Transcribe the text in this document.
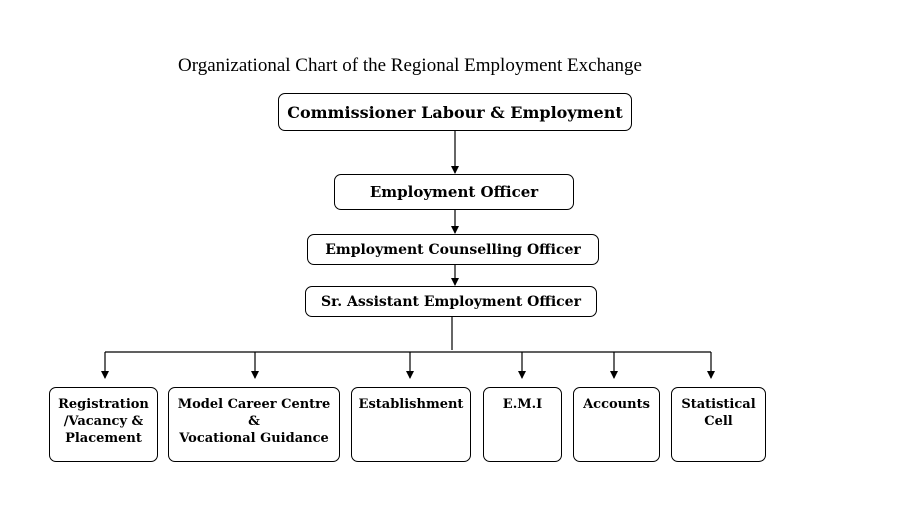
Organizational Chart of the Regional Employment Exchange
Commissioner Labour & Employment
Employment Officer
Employment Counselling Officer
Sr. Assistant Employment Officer
Registration
/Vacancy &
Placement
Model Career Centre
&
Vocational Guidance
Establishment	E.M.I	Accounts Statistical
Cell
